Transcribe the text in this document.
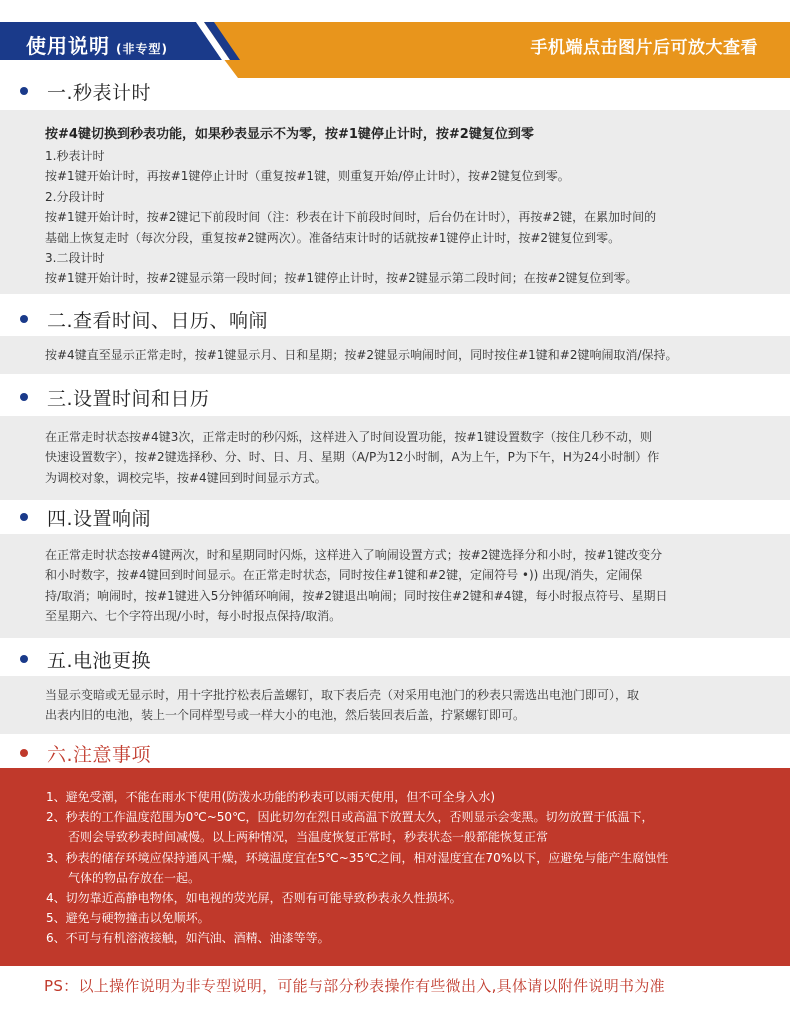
使用说明 (非专型)	手机端点击图片后可放大查看
一.秒表计时

按#4键切换到秒表功能，如果秒表显示不为零，按#1键停止计时，按#2键复位到零

1.秒表计时

按#1键开始计时，再按#1键停止计时（重复按#1键，则重复开始/停止计时），按#2键复位到零。

2.分段计时

按#1键开始计时，按#2键记下前段时间（注：秒表在计下前段时间时，后台仍在计时），再按#2键，在累加时间的

基础上恢复走时（每次分段，重复按#2键两次）。准备结束计时的话就按#1键停止计时，按#2键复位到零。

3.二段计时

按#1键开始计时，按#2键显示第一段时间；按#1键停止计时，按#2键显示第二段时间；在按#2键复位到零。

二.查看时间、日历、响闹

按#4键直至显示正常走时，按#1键显示月、日和星期；按#2键显示响闹时间，同时按住#1键和#2键响闹取消/保持。

三.设置时间和日历

在正常走时状态按#4键3次，正常走时的秒闪烁，这样进入了时间设置功能，按#1键设置数字（按住几秒不动，则

快速设置数字），按#2键选择秒、分、时、日、月、星期（A/P为12小时制，A为上午，P为下午，H为24小时制）作

为调校对象，调校完毕，按#4键回到时间显示方式。

四.设置响闹

在正常走时状态按#4键两次，时和星期同时闪烁，这样进入了响闹设置方式；按#2键选择分和小时，按#1键改变分

和小时数字，按#4键回到时间显示。在正常走时状态，同时按住#1键和#2键，定闹符号 •)) 出现/消失，定闹保

持/取消；响闹时，按#1键进入5分钟循环响闹，按#2键退出响闹；同时按住#2键和#4键，每小时报点符号、星期日

至星期六、七个字符出现/小时，每小时报点保持/取消。

五.电池更换

当显示变暗或无显示时，用十字批拧松表后盖螺钉，取下表后壳（对采用电池门的秒表只需选出电池门即可），取

出表内旧的电池，装上一个同样型号或一样大小的电池，然后装回表后盖，拧紧螺钉即可。

六.注意事项

1、避免受潮，不能在雨水下使用(防泼水功能的秒表可以雨天使用，但不可全身入水)

2、秒表的工作温度范围为0℃~50℃，因此切勿在烈日或高温下放置太久，否则显示会变黑。切勿放置于低温下，

否则会导致秒表时间减慢。以上两种情况，当温度恢复正常时，秒表状态一般都能恢复正常

3、秒表的储存环境应保持通风干燥，环境温度宜在5℃~35℃之间，相对湿度宜在70%以下，应避免与能产生腐蚀性

气体的物品存放在一起。

4、切勿靠近高静电物体，如电视的荧光屏，否则有可能导致秒表永久性损坏。

5、避免与硬物撞击以免顺坏。

6、不可与有机溶液接触，如汽油、酒精、油漆等等。

PS：以上操作说明为非专型说明，可能与部分秒表操作有些微出入,具体请以附件说明书为准
